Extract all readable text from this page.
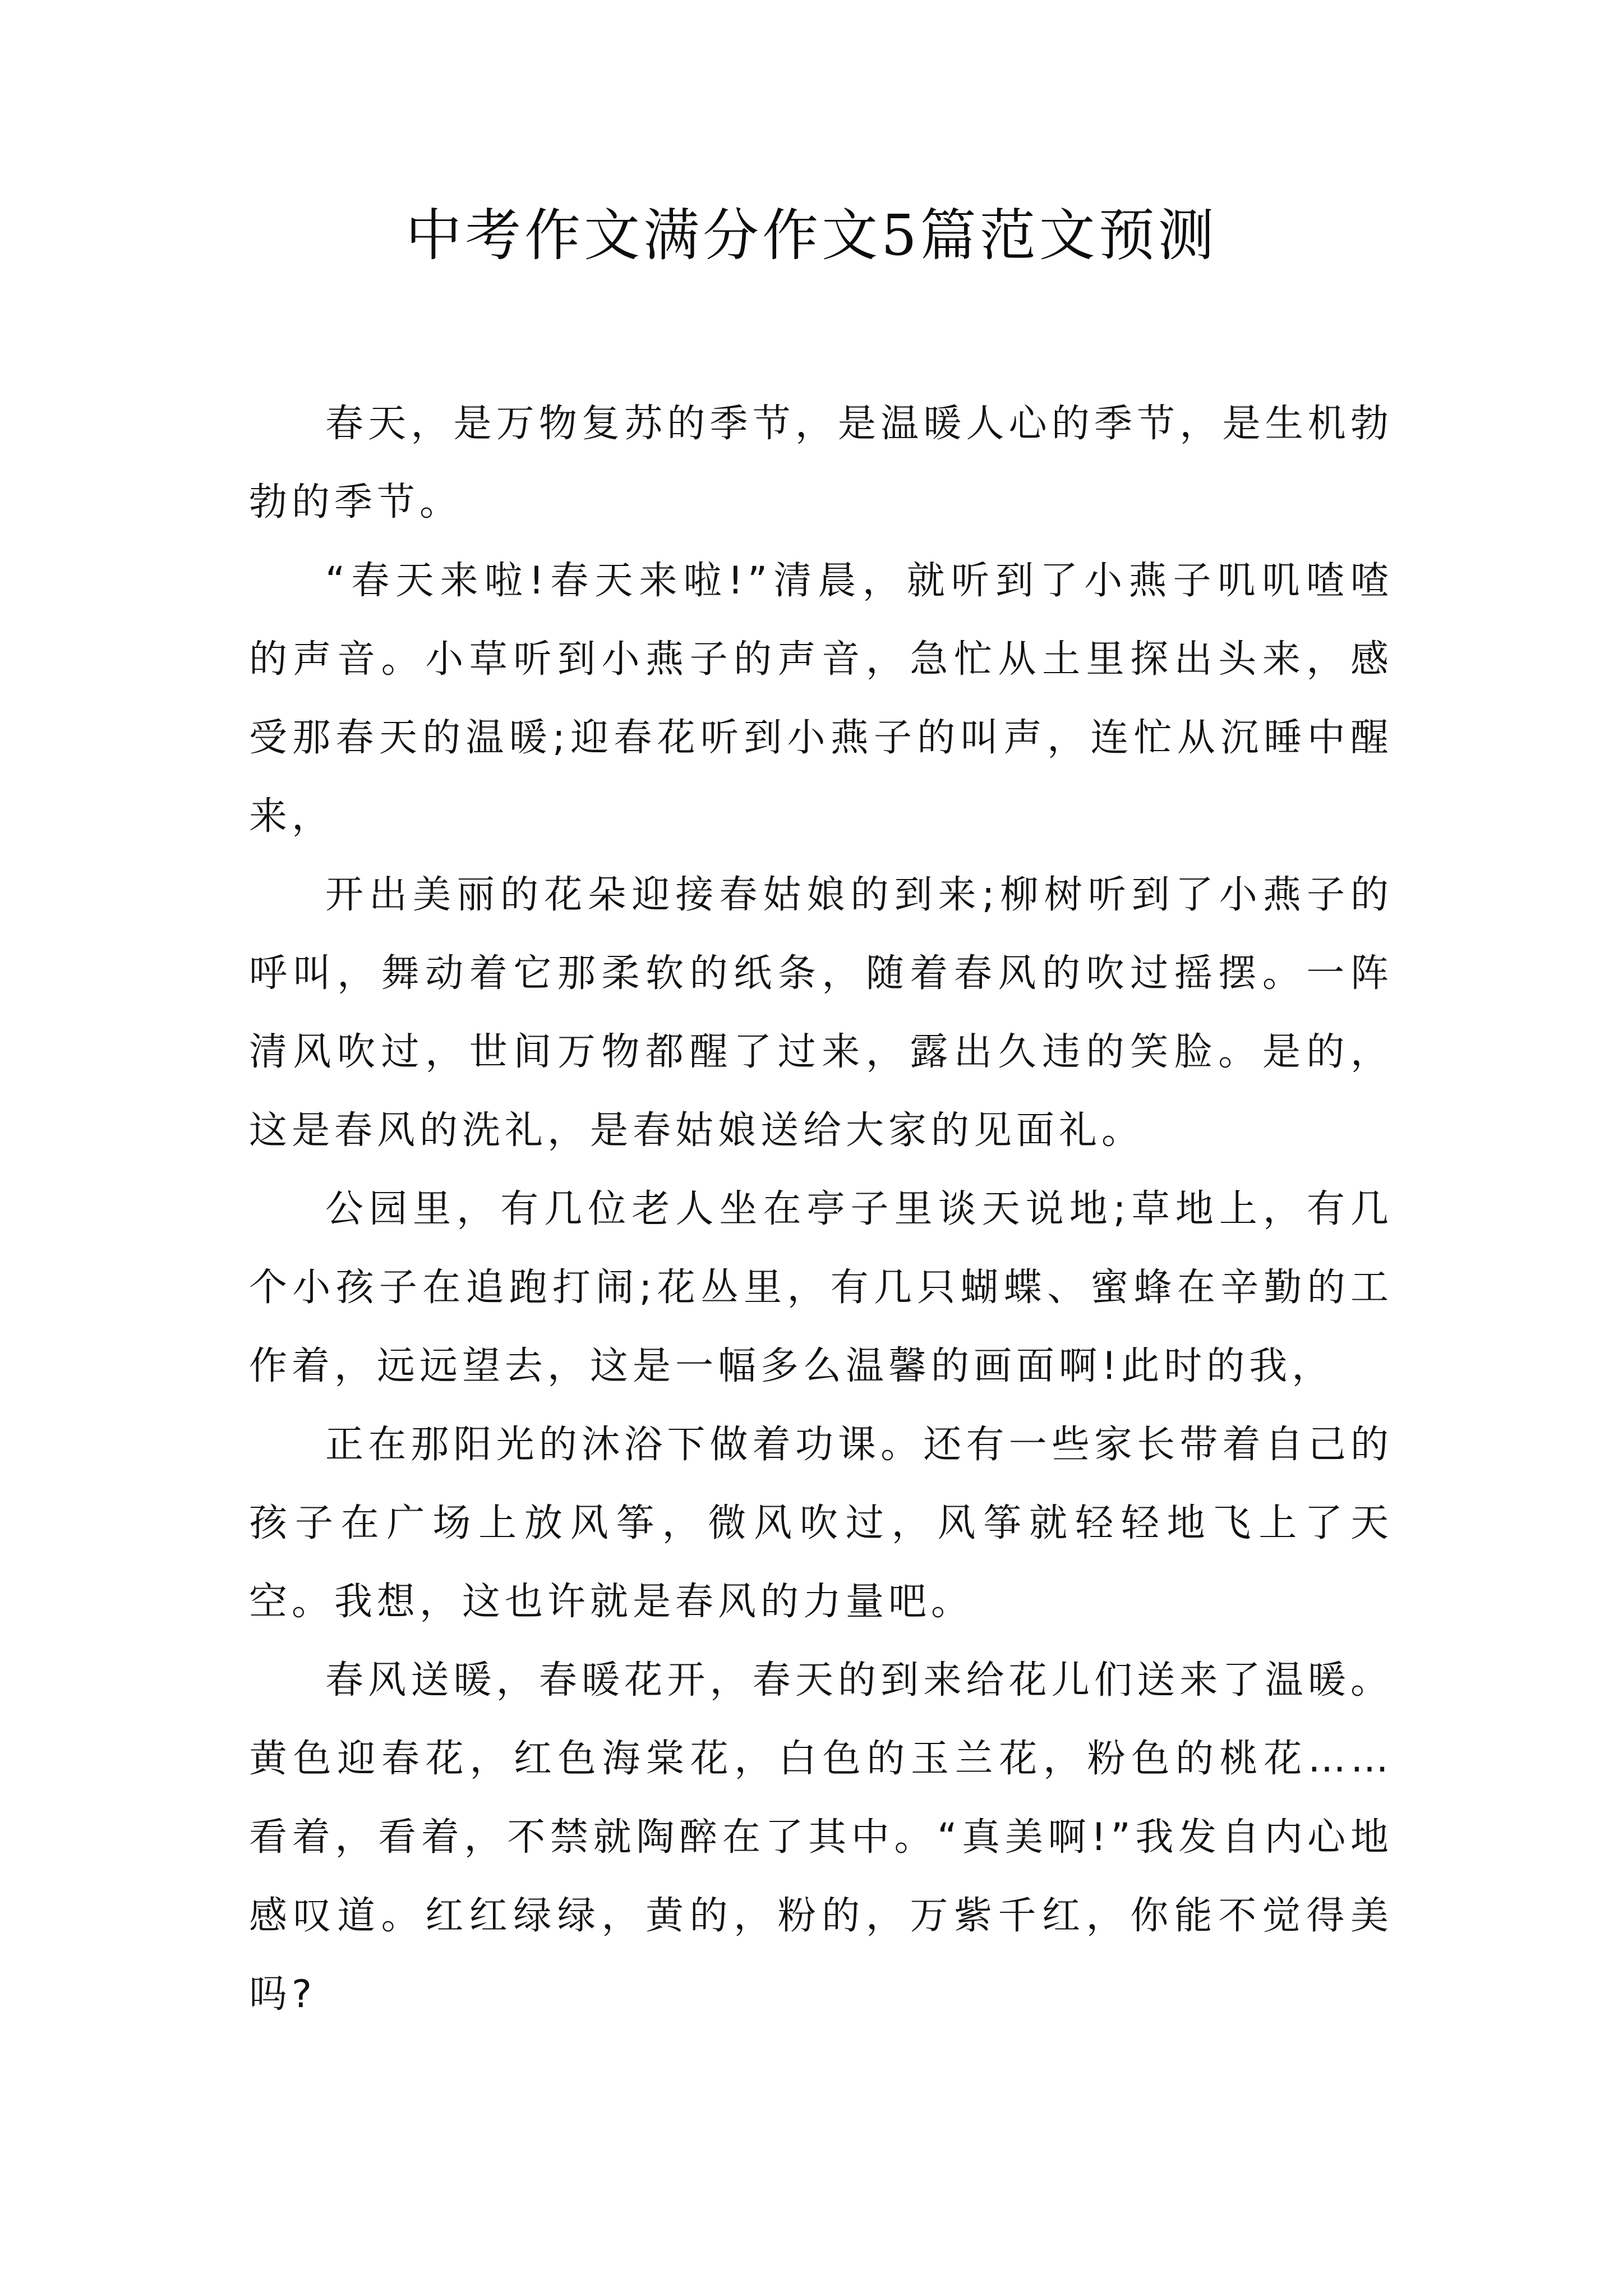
中考作文满分作文5篇范文预测

春天，是万物复苏的季节，是温暖人心的季节，是生机勃勃的季节。

“春天来啦!春天来啦!”清晨，就听到了小燕子叽叽喳喳的声音。小草听到小燕子的声音，急忙从土里探出头来，感受那春天的温暖;迎春花听到小燕子的叫声，连忙从沉睡中醒来，

开出美丽的花朵迎接春姑娘的到来;柳树听到了小燕子的呼叫，舞动着它那柔软的纸条，随着春风的吹过摇摆。一阵清风吹过，世间万物都醒了过来，露出久违的笑脸。是的，这是春风的洗礼，是春姑娘送给大家的见面礼。

公园里，有几位老人坐在亭子里谈天说地;草地上，有几个小孩子在追跑打闹;花丛里，有几只蝴蝶、蜜蜂在辛勤的工作着，远远望去，这是一幅多么温馨的画面啊!此时的我，

正在那阳光的沐浴下做着功课。还有一些家长带着自己的孩子在广场上放风筝，微风吹过，风筝就轻轻地飞上了天空。我想，这也许就是春风的力量吧。

春风送暖，春暖花开，春天的到来给花儿们送来了温暖。黄色迎春花，红色海棠花，白色的玉兰花，粉色的桃花……看着，看着，不禁就陶醉在了其中。“真美啊!”我发自内心地感叹道。红红绿绿，黄的，粉的，万紫千红，你能不觉得美吗?
